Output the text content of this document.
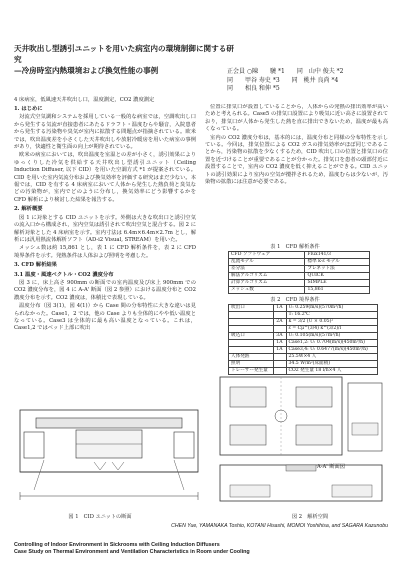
天井吹出し型誘引ユニットを用いた病室内の環境制御に関する研究
—冷房時室内熱環境および換気性能の事例	正会員 ○陳　　驍 *1　　同　山中 俊夫 *2
同　　甲谷 寿史 *3　　同　桃井 良尚 *4
同　　相良 和伸 *5
4 床病室，低風速天井吹出し口，温度測定，CO2 濃度測定

1. はじめに

対流式空気調和システムを採用している一般的な病室では，空調吹出し口から発生する気流が直接患者にあたるドラフト・温度むらや騒音，入院患者から発生する汚染物や臭気が室内に拡散する問題点が指摘されている。欧米では，吹出温度差を小さくした天井吹出しや放射冷暖房を用いた病室の事例があり，快適性と衛生面の向上が期待されている。

欧米の病室においては，吹出温度を室温との差が小さく，誘引効果によりゆっくりした冷気を供給する天井吹出し型誘引ユニット（Ceiling Induction Diffuser, 以下 CID）を用いた空調方式 *1 が提案されている。CID を用いた室内気流分布および換気効率を評価する研究はまだ少ない。本報では，CID を有する 4 床病室において人体から発生した熱負荷と臭気などの汚染物が，室内でどのように分布し，換気効率にどう影響するかを CFD 解析により検討した結果を報告する。

2. 解析概要

図 1 に対象とする CID ユニットを示す。外側は大きな吹出口と誘引空気の流入口から構成され，室内空気は誘引されて吹出空気と混合する。図 2 に解析対象とした 4 床病室を示す。室内寸法は 6.4m×6.4m×2.7m とし，解析には汎用熱流体解析ソフト（AD-i2 Visual, STREAM）を用いた。

メッシュ数は約 15,861 とし，表 1 に CFD 解析条件を，表 2 に CFD 境界条件を示す。発熱条件は人体および照明を考慮した。

3. CFD 解析結果

3.1 温度・風速ベクトル・CO2 濃度分布

図 3 に，床上高さ 900mm の断面での室内温度及び床上 900mm での CO2 濃度分布を，図 4 に A-A' 断面（図 2 参照）における温度分布と CO2 濃度分布を示す。CO2 濃度は，体積比で表現している。

温度分布（図 3(1)，図 4(1)）から Case 間の分布特性に大きな違いは見られなかった。Case1，2 では，他の Case よりも全体的にやや低い温度となっている。Case3 は全体的に最も高い温度となっている。これは，Case1,2 ではベッド上部に吹出

位置に排気口が設置していることから，人体からの発熱の排出効率が高いためと考えられる。Case5 の排気口設置により吸気に近い高さに設置されており，排気口が人体から発生した熱を直に排出できないため，温度が最も高くなっている。

室内の CO2 濃度分布は，基本的には，温度分布と同様の分布特性を示している。今回は，排気位置による CO2 ガスの排気効率がほぼ同じであることから，汚染物の拡散を少なくするため，CID 吹出し口の位置と排気口の位置を近づけることが重要であることが分かった。排気口を患者の頭部付近に設置することで，室内の CO2 濃度を低く抑えることができる。CID ユニットの誘引効果により室内の空気が攪拌されるため，温度むらは少ないが，汚染物の拡散には注意が必要である。

表 1　CFD 解析条件
CFD ソフトウェア	Flux141/3
乱流モデル	標準 k-ε モデル
差分法	プレネット法
解法アルゴリズム	QUICK
計算アルゴリズム	SIMPLE
メッシュ数	15,861
表 2　CFD 境界条件
吹出口	1A	U: 0.259(m/s)(570m³/h)
		T: 16.2℃
	2A	k = 3/2 (U × 0.05)²
		ε = Cμ^(3/4) k^(3/2)/l
吸込口	3A	U: 0.105(m/s)(57m³/h)
	1A	Case1,2: U: 0.704(m/s)(450m³/h)
	1A	Case3,4: U: 0.6477(m/s)(450m³/h)
人体発熱		25.5W×4 人
照明		34.5 W/m²(床面積)
トレーサー発生量		CO2 発生量 18 l/h×4 人
図 1　CID ユニットの断面
A-A' 断面図
図 2　解析空間
CHEN Yue, YAMANAKA Toshio, KOTANI Hisashi, MOMOI Yoshihisa, and SAGARA Kazunobu
Controlling of Indoor Environment in Sickrooms with Ceiling Induction Diffusers
Case Study on Thermal Environment and Ventilation Characteristics in Room under Cooling
